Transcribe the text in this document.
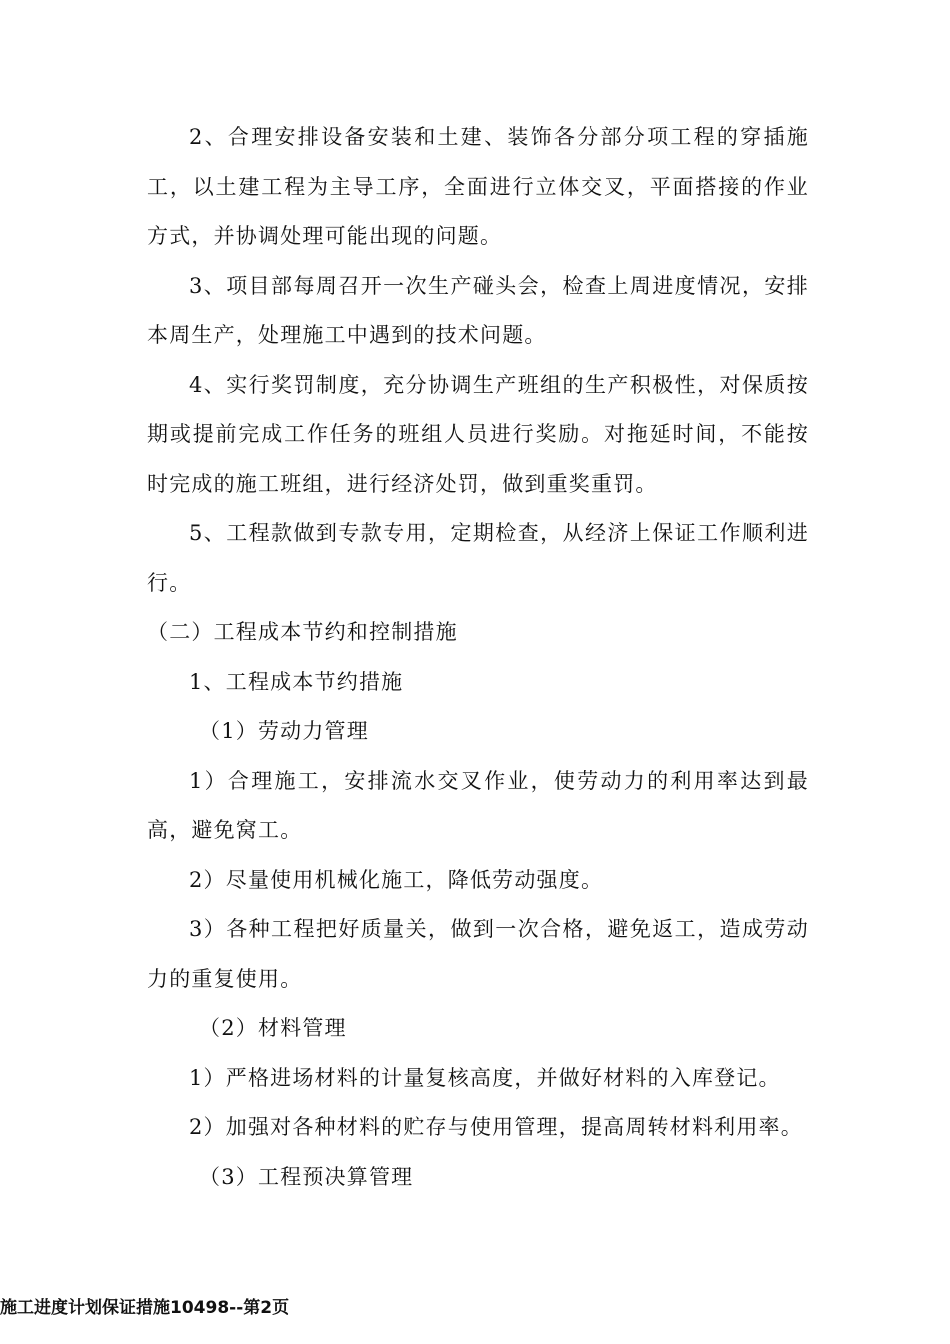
2、合理安排设备安装和土建、装饰各分部分项工程的穿插施工，以土建工程为主导工序，全面进行立体交叉，平面搭接的作业方式，并协调处理可能出现的问题。

3、项目部每周召开一次生产碰头会，检查上周进度情况，安排本周生产，处理施工中遇到的技术问题。

4、实行奖罚制度，充分协调生产班组的生产积极性，对保质按期或提前完成工作任务的班组人员进行奖励。对拖延时间，不能按时完成的施工班组，进行经济处罚，做到重奖重罚。

5、工程款做到专款专用，定期检查，从经济上保证工作顺利进行。

（二）工程成本节约和控制措施

1、工程成本节约措施

（1）劳动力管理

1）合理施工，安排流水交叉作业，使劳动力的利用率达到最高，避免窝工。

2）尽量使用机械化施工，降低劳动强度。

3）各种工程把好质量关，做到一次合格，避免返工，造成劳动力的重复使用。

（2）材料管理

1）严格进场材料的计量复核高度，并做好材料的入库登记。

2）加强对各种材料的贮存与使用管理，提高周转材料利用率。

（3）工程预决算管理

施工进度计划保证措施10498--第2页
